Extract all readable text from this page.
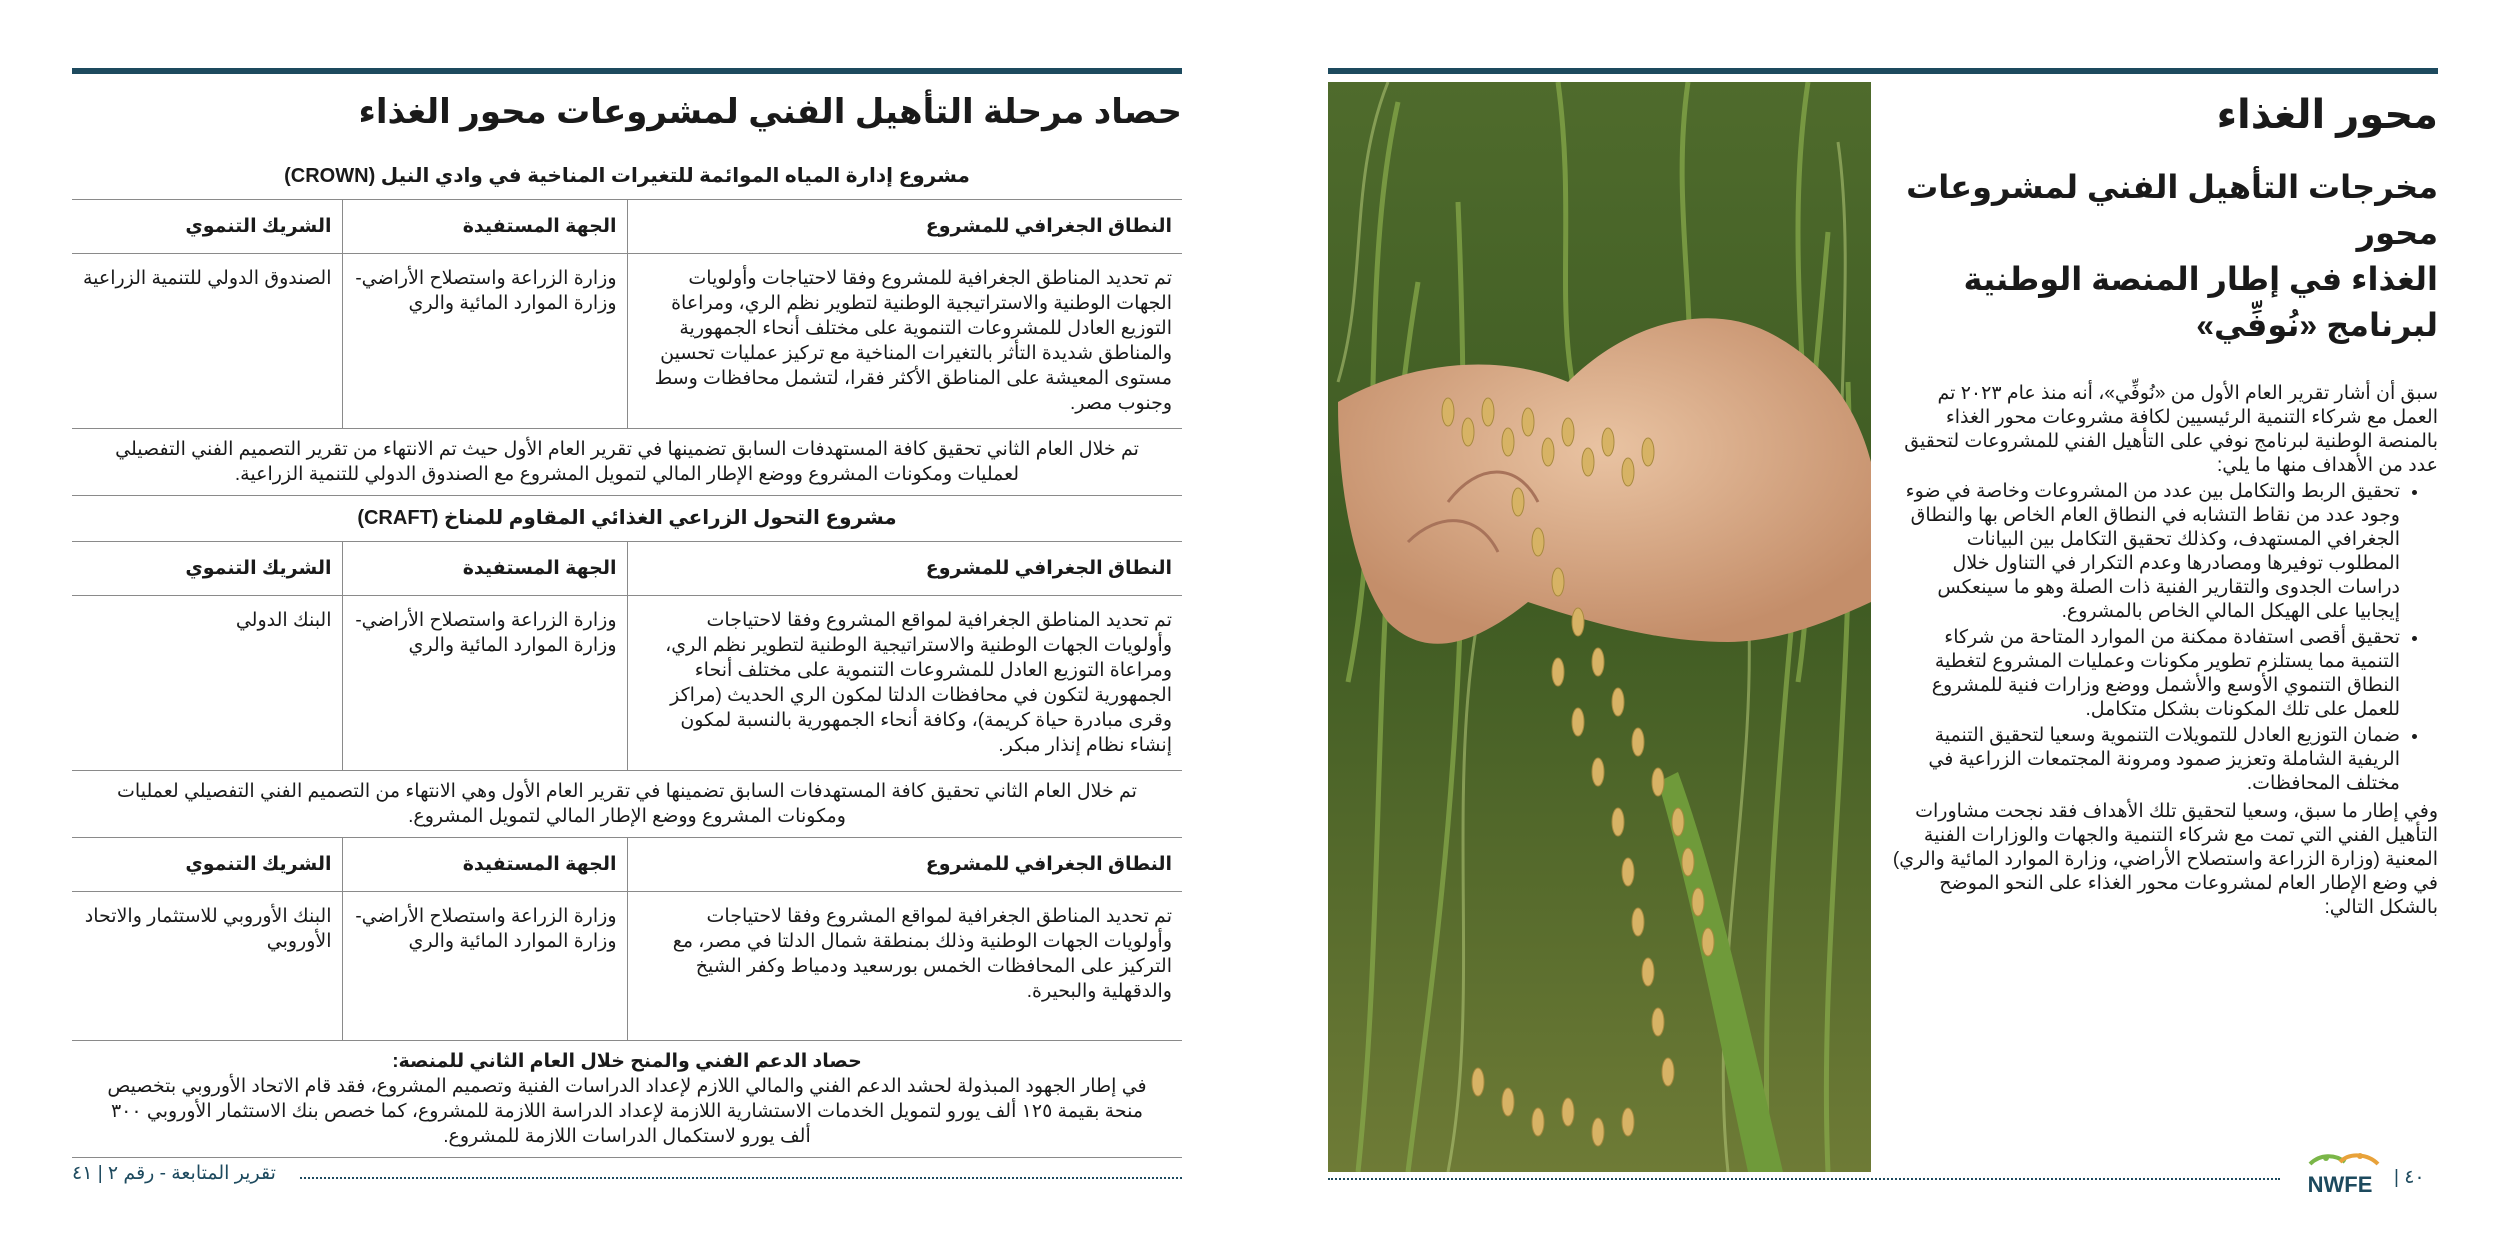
حصاد مرحلة التأهيل الفني لمشروعات محور الغذاء
مشروع إدارة المياه الموائمة للتغيرات المناخية في وادي النيل (CROWN)		
النطاق الجغرافي للمشروع	الجهة المستفيدة	الشريك التنموي
تم تحديد المناطق الجغرافية للمشروع وفقا لاحتياجات وأولويات الجهات الوطنية والاستراتيجية الوطنية لتطوير نظم الري، ومراعاة التوزيع العادل للمشروعات التنموية على مختلف أنحاء الجمهورية والمناطق شديدة التأثر بالتغيرات المناخية مع تركيز عمليات تحسين مستوى المعيشة على المناطق الأكثر فقرا، لتشمل محافظات وسط وجنوب مصر.	وزارة الزراعة واستصلاح الأراضي- وزارة الموارد المائية والري	الصندوق الدولي للتنمية الزراعية
تم خلال العام الثاني تحقيق كافة المستهدفات السابق تضمينها في تقرير العام الأول حيث تم الانتهاء من تقرير التصميم الفني التفصيلي لعمليات ومكونات المشروع ووضع الإطار المالي لتمويل المشروع مع الصندوق الدولي للتنمية الزراعية.		
مشروع التحول الزراعي الغذائي المقاوم للمناخ (CRAFT)		
النطاق الجغرافي للمشروع	الجهة المستفيدة	الشريك التنموي
تم تحديد المناطق الجغرافية لمواقع المشروع وفقا لاحتياجات وأولويات الجهات الوطنية والاستراتيجية الوطنية لتطوير نظم الري، ومراعاة التوزيع العادل للمشروعات التنموية على مختلف أنحاء الجمهورية لتكون في محافظات الدلتا لمكون الري الحديث (مراكز وقرى مبادرة حياة كريمة)، وكافة أنحاء الجمهورية بالنسبة لمكون إنشاء نظام إنذار مبكر.	وزارة الزراعة واستصلاح الأراضي- وزارة الموارد المائية والري	البنك الدولي
تم خلال العام الثاني تحقيق كافة المستهدفات السابق تضمينها في تقرير العام الأول وهي الانتهاء من التصميم الفني التفصيلي لعمليات ومكونات المشروع ووضع الإطار المالي لتمويل المشروع.		
النطاق الجغرافي للمشروع	الجهة المستفيدة	الشريك التنموي
تم تحديد المناطق الجغرافية لمواقع المشروع وفقا لاحتياجات وأولويات الجهات الوطنية وذلك بمنطقة شمال الدلتا في مصر، مع التركيز على المحافظات الخمس بورسعيد ودمياط وكفر الشيخ والدقهلية والبحيرة.	وزارة الزراعة واستصلاح الأراضي- وزارة الموارد المائية والري	البنك الأوروبي للاستثمار والاتحاد الأوروبي

حصاد الدعم الفني والمنح خلال العام الثاني للمنصة:
في إطار الجهود المبذولة لحشد الدعم الفني والمالي اللازم لإعداد الدراسات الفنية وتصميم المشروع، فقد قام الاتحاد الأوروبي بتخصيص منحة بقيمة ١٢٥ ألف يورو لتمويل الخدمات الاستشارية اللازمة لإعداد الدراسة اللازمة للمشروع، كما خصص بنك الاستثمار الأوروبي ٣٠٠ ألف يورو لاستكمال الدراسات اللازمة للمشروع.		
تقرير المتابعة - رقم ٢ | ٤١
محور الغذاء
مخرجات التأهيل الفني لمشروعات محور
الغذاء في إطار المنصة الوطنية
لبرنامج «نُوفِّي»

سبق أن أشار تقرير العام الأول من «نُوفِّي»، أنه منذ عام ٢٠٢٣ تم العمل مع شركاء التنمية الرئيسيين لكافة مشروعات محور الغذاء بالمنصة الوطنية لبرنامج نوفي على التأهيل الفني للمشروعات لتحقيق عدد من الأهداف منها ما يلي:

• تحقيق الربط والتكامل بين عدد من المشروعات وخاصة في ضوء وجود عدد من نقاط التشابه في النطاق العام الخاص بها والنطاق الجغرافي المستهدف، وكذلك تحقيق التكامل بين البيانات المطلوب توفيرها ومصادرها وعدم التكرار في التناول خلال دراسات الجدوى والتقارير الفنية ذات الصلة وهو ما سينعكس إيجابيا على الهيكل المالي الخاص بالمشروع.
• تحقيق أقصى استفادة ممكنة من الموارد المتاحة من شركاء التنمية مما يستلزم تطوير مكونات وعمليات المشروع لتغطية النطاق التنموي الأوسع والأشمل ووضع وزارات فنية للمشروع للعمل على تلك المكونات بشكل متكامل.
• ضمان التوزيع العادل للتمويلات التنموية وسعيا لتحقيق التنمية الريفية الشاملة وتعزيز صمود ومرونة المجتمعات الزراعية في مختلف المحافظات.

وفي إطار ما سبق، وسعيا لتحقيق تلك الأهداف فقد نجحت مشاورات التأهيل الفني التي تمت مع شركاء التنمية والجهات والوزارات الفنية المعنية (وزارة الزراعة واستصلاح الأراضي، وزارة الموارد المائية والري) في وضع الإطار العام لمشروعات محور الغذاء على النحو الموضح بالشكل التالي:

NWFE ٤٠ |
